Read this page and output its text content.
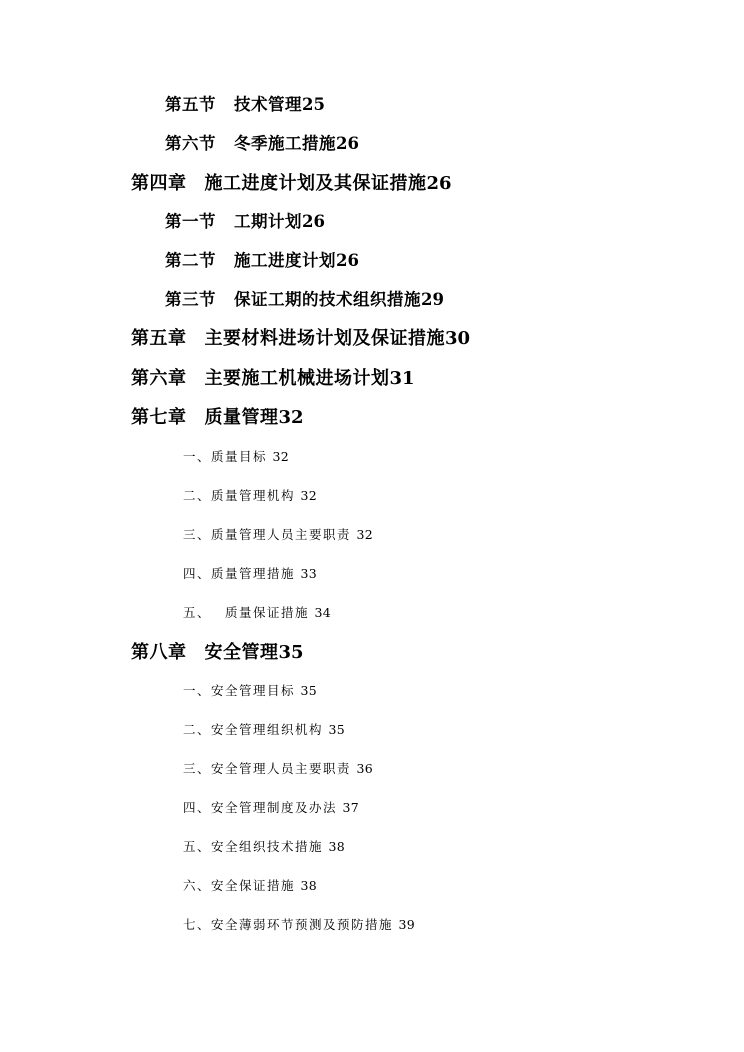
第五节 技术管理25
第六节 冬季施工措施26
第四章 施工进度计划及其保证措施26
第一节 工期计划26
第二节 施工进度计划26
第三节 保证工期的技术组织措施29
第五章 主要材料进场计划及保证措施30
第六章 主要施工机械进场计划31
第七章 质量管理32
一、质量目标 32
二、质量管理机构 32
三、质量管理人员主要职责 32
四、质量管理措施 33
五、 质量保证措施 34
第八章 安全管理35
一、安全管理目标 35
二、安全管理组织机构 35
三、安全管理人员主要职责 36
四、安全管理制度及办法 37
五、安全组织技术措施 38
六、安全保证措施 38
七、安全薄弱环节预测及预防措施 39
